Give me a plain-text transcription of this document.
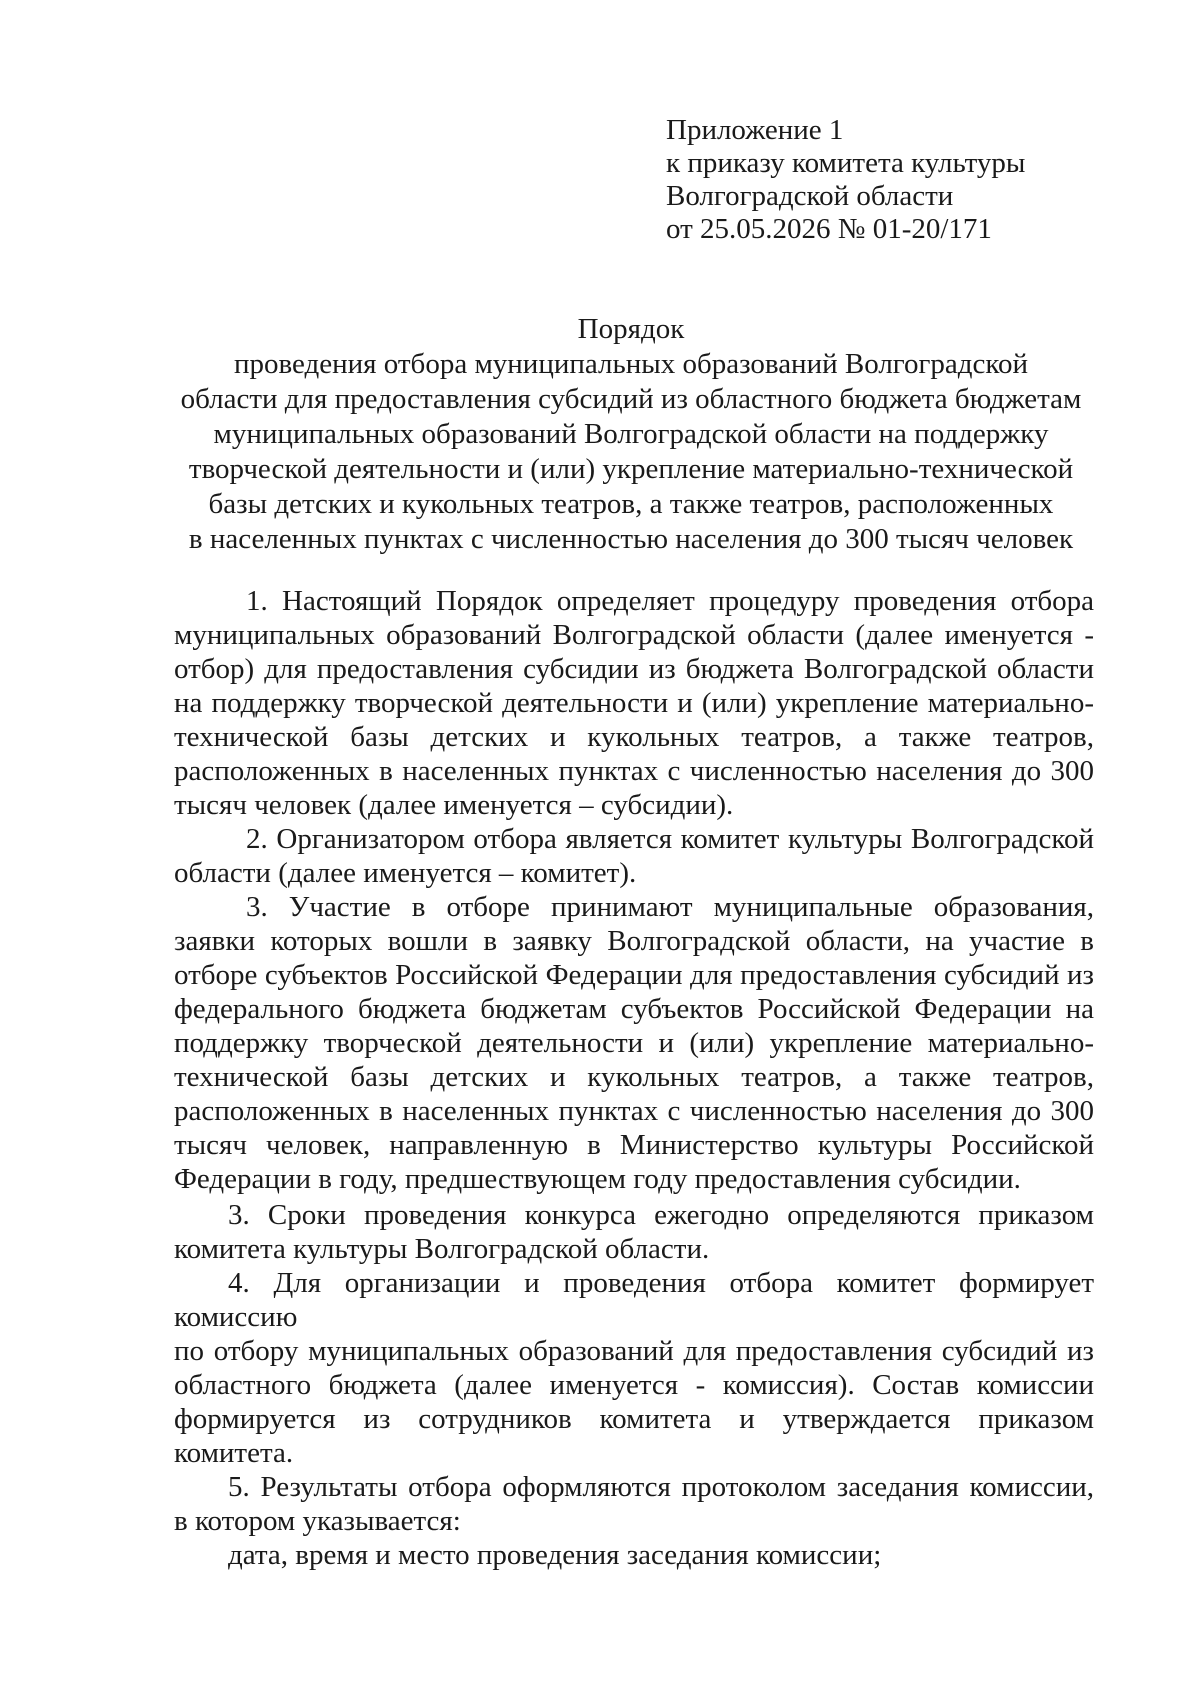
Приложение 1
к приказу комитета культуры
Волгоградской области
от 25.05.2026 № 01-20/171
Порядок
проведения отбора муниципальных образований Волгоградской
области для предоставления субсидий из областного бюджета бюджетам
муниципальных образований Волгоградской области на поддержку
творческой деятельности и (или) укрепление материально-технической
базы детских и кукольных театров, а также театров, расположенных
в населенных пунктах с численностью населения до 300 тысяч человек

1. Настоящий Порядок определяет процедуру проведения отбора муниципальных образований Волгоградской области (далее именуется - отбор) для предоставления субсидии из бюджета Волгоградской области на поддержку творческой деятельности и (или) укрепление материально-технической базы детских и кукольных театров, а также театров, расположенных в населенных пунктах с численностью населения до 300 тысяч человек (далее именуется – субсидии).

2. Организатором отбора является комитет культуры Волгоградской области (далее именуется – комитет).

3. Участие в отборе принимают муниципальные образования, заявки которых вошли в заявку Волгоградской области, на участие в отборе субъектов Российской Федерации для предоставления субсидий из федерального бюджета бюджетам субъектов Российской Федерации на поддержку творческой деятельности и (или) укрепление материально-технической базы детских и кукольных театров, а также театров, расположенных в населенных пунктах с численностью населения до 300 тысяч человек, направленную в Министерство культуры Российской Федерации в году, предшествующем году предоставления субсидии.

3. Сроки проведения конкурса ежегодно определяются приказом комитета культуры Волгоградской области.

4. Для организации и проведения отбора комитет формирует комиссию

по отбору муниципальных образований для предоставления субсидий из областного бюджета (далее именуется - комиссия). Состав комиссии формируется из сотрудников комитета и утверждается приказом комитета.

5. Результаты отбора оформляются протоколом заседания комиссии, в котором указывается:

дата, время и место проведения заседания комиссии;
